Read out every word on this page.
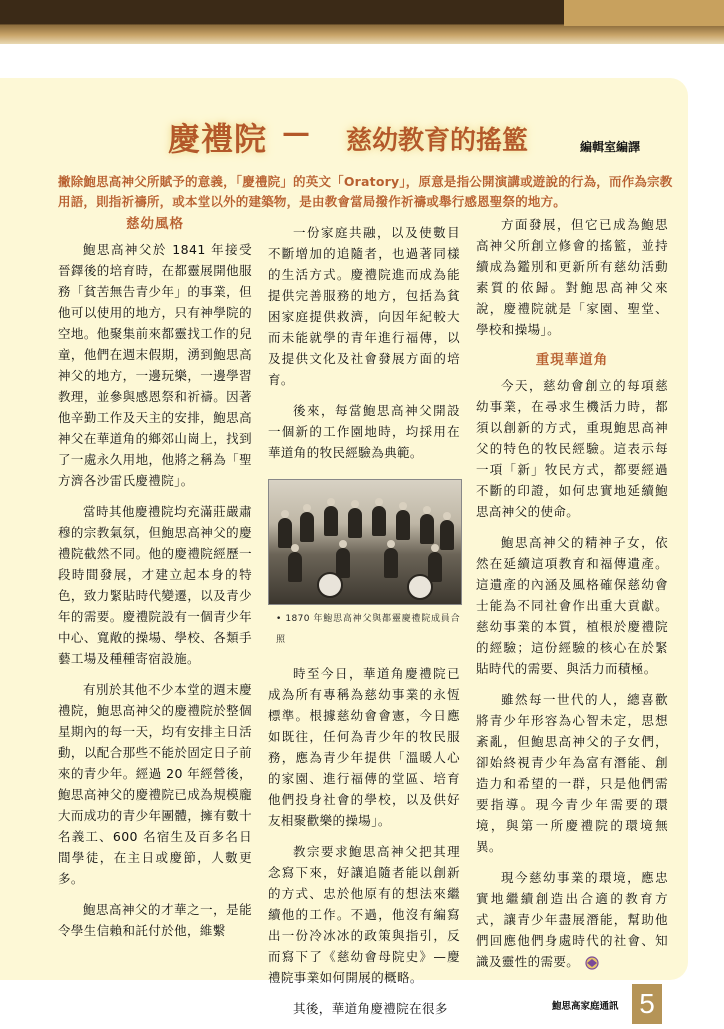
慶禮院 — 慈幼教育的搖籃	編輯室編譯
撇除鮑思高神父所賦予的意義，「慶禮院」的英文「Oratory」，原意是指公開演講或遊說的行為，而作為宗教用語，則指祈禱所，或本堂以外的建築物，是由教會當局撥作祈禱或舉行感恩聖祭的地方。
慈幼風格

鮑思高神父於 1841 年接受晉鐸後的培育時，在都靈展開他服務「貧苦無告青少年」的事業，但他可以使用的地方，只有神學院的空地。他聚集前來都靈找工作的兒童，他們在週末假期，湧到鮑思高神父的地方，一邊玩樂，一邊學習教理，並參與感恩祭和祈禱。因著他辛勤工作及天主的安排，鮑思高神父在華道角的鄉郊山崗上，找到了一處永久用地，他將之稱為「聖方濟各沙雷氏慶禮院」。

當時其他慶禮院均充滿莊嚴肅穆的宗教氣氛，但鮑思高神父的慶禮院截然不同。他的慶禮院經歷一段時間發展，才建立起本身的特色，致力緊貼時代變遷，以及青少年的需要。慶禮院設有一個青少年中心、寬敞的操場、學校、各類手藝工場及種種寄宿設施。

有別於其他不少本堂的週末慶禮院，鮑思高神父的慶禮院於整個星期內的每一天，均有安排主日活動，以配合那些不能於固定日子前來的青少年。經過 20 年經營後，鮑思高神父的慶禮院已成為規模龐大而成功的青少年團體，擁有數十名義工、600 名宿生及百多名日間學徒，在主日或慶節，人數更多。

鮑思高神父的才華之一，是能令學生信賴和託付於他，維繫

一份家庭共融，以及使數目不斷增加的追隨者，也過著同樣的生活方式。慶禮院進而成為能提供完善服務的地方，包括為貧困家庭提供救濟，向因年紀較大而未能就學的青年進行福傳，以及提供文化及社會發展方面的培育。

後來，每當鮑思高神父開設一個新的工作園地時，均採用在華道角的牧民經驗為典範。

• 1870 年鮑思高神父與都靈慶禮院成員合照

時至今日，華道角慶禮院已成為所有專稱為慈幼事業的永恆標準。根據慈幼會會憲，今日應如既往，任何為青少年的牧民服務，應為青少年提供「溫暖人心的家園、進行福傳的堂區、培育他們投身社會的學校，以及供好友相聚歡樂的操場」。

教宗要求鮑思高神父把其理念寫下來，好讓追隨者能以創新的方式、忠於他原有的想法來繼續他的工作。不過，他沒有編寫出一份冷冰冰的政策與指引，反而寫下了《慈幼會母院史》—慶禮院事業如何開展的概略。

其後，華道角慶禮院在很多

方面發展，但它已成為鮑思高神父所創立修會的搖籃，並持續成為鑑別和更新所有慈幼活動素質的依歸。對鮑思高神父來說，慶禮院就是「家園、聖堂、學校和操場」。

重現華道角

今天，慈幼會創立的每項慈幼事業，在尋求生機活力時，都須以創新的方式，重現鮑思高神父的特色的牧民經驗。這表示每一項「新」牧民方式，都要經過不斷的印證，如何忠實地延續鮑思高神父的使命。

鮑思高神父的精神子女，依然在延續這項教育和福傳遺產。這遺產的內涵及風格確保慈幼會士能為不同社會作出重大貢獻。慈幼事業的本質，植根於慶禮院的經驗；這份經驗的核心在於緊貼時代的需要、與活力而積極。

雖然每一世代的人，總喜歡將青少年形容為心智未定，思想紊亂，但鮑思高神父的子女們，卻始終視青少年為富有潛能、創造力和希望的一群，只是他們需要指導。現今青少年需要的環境，與第一所慶禮院的環境無異。

現今慈幼事業的環境，應忠實地繼續創造出合適的教育方式，讓青少年盡展潛能，幫助他們回應他們身處時代的社會、知識及靈性的需要。

鮑思高家庭通訊 5
